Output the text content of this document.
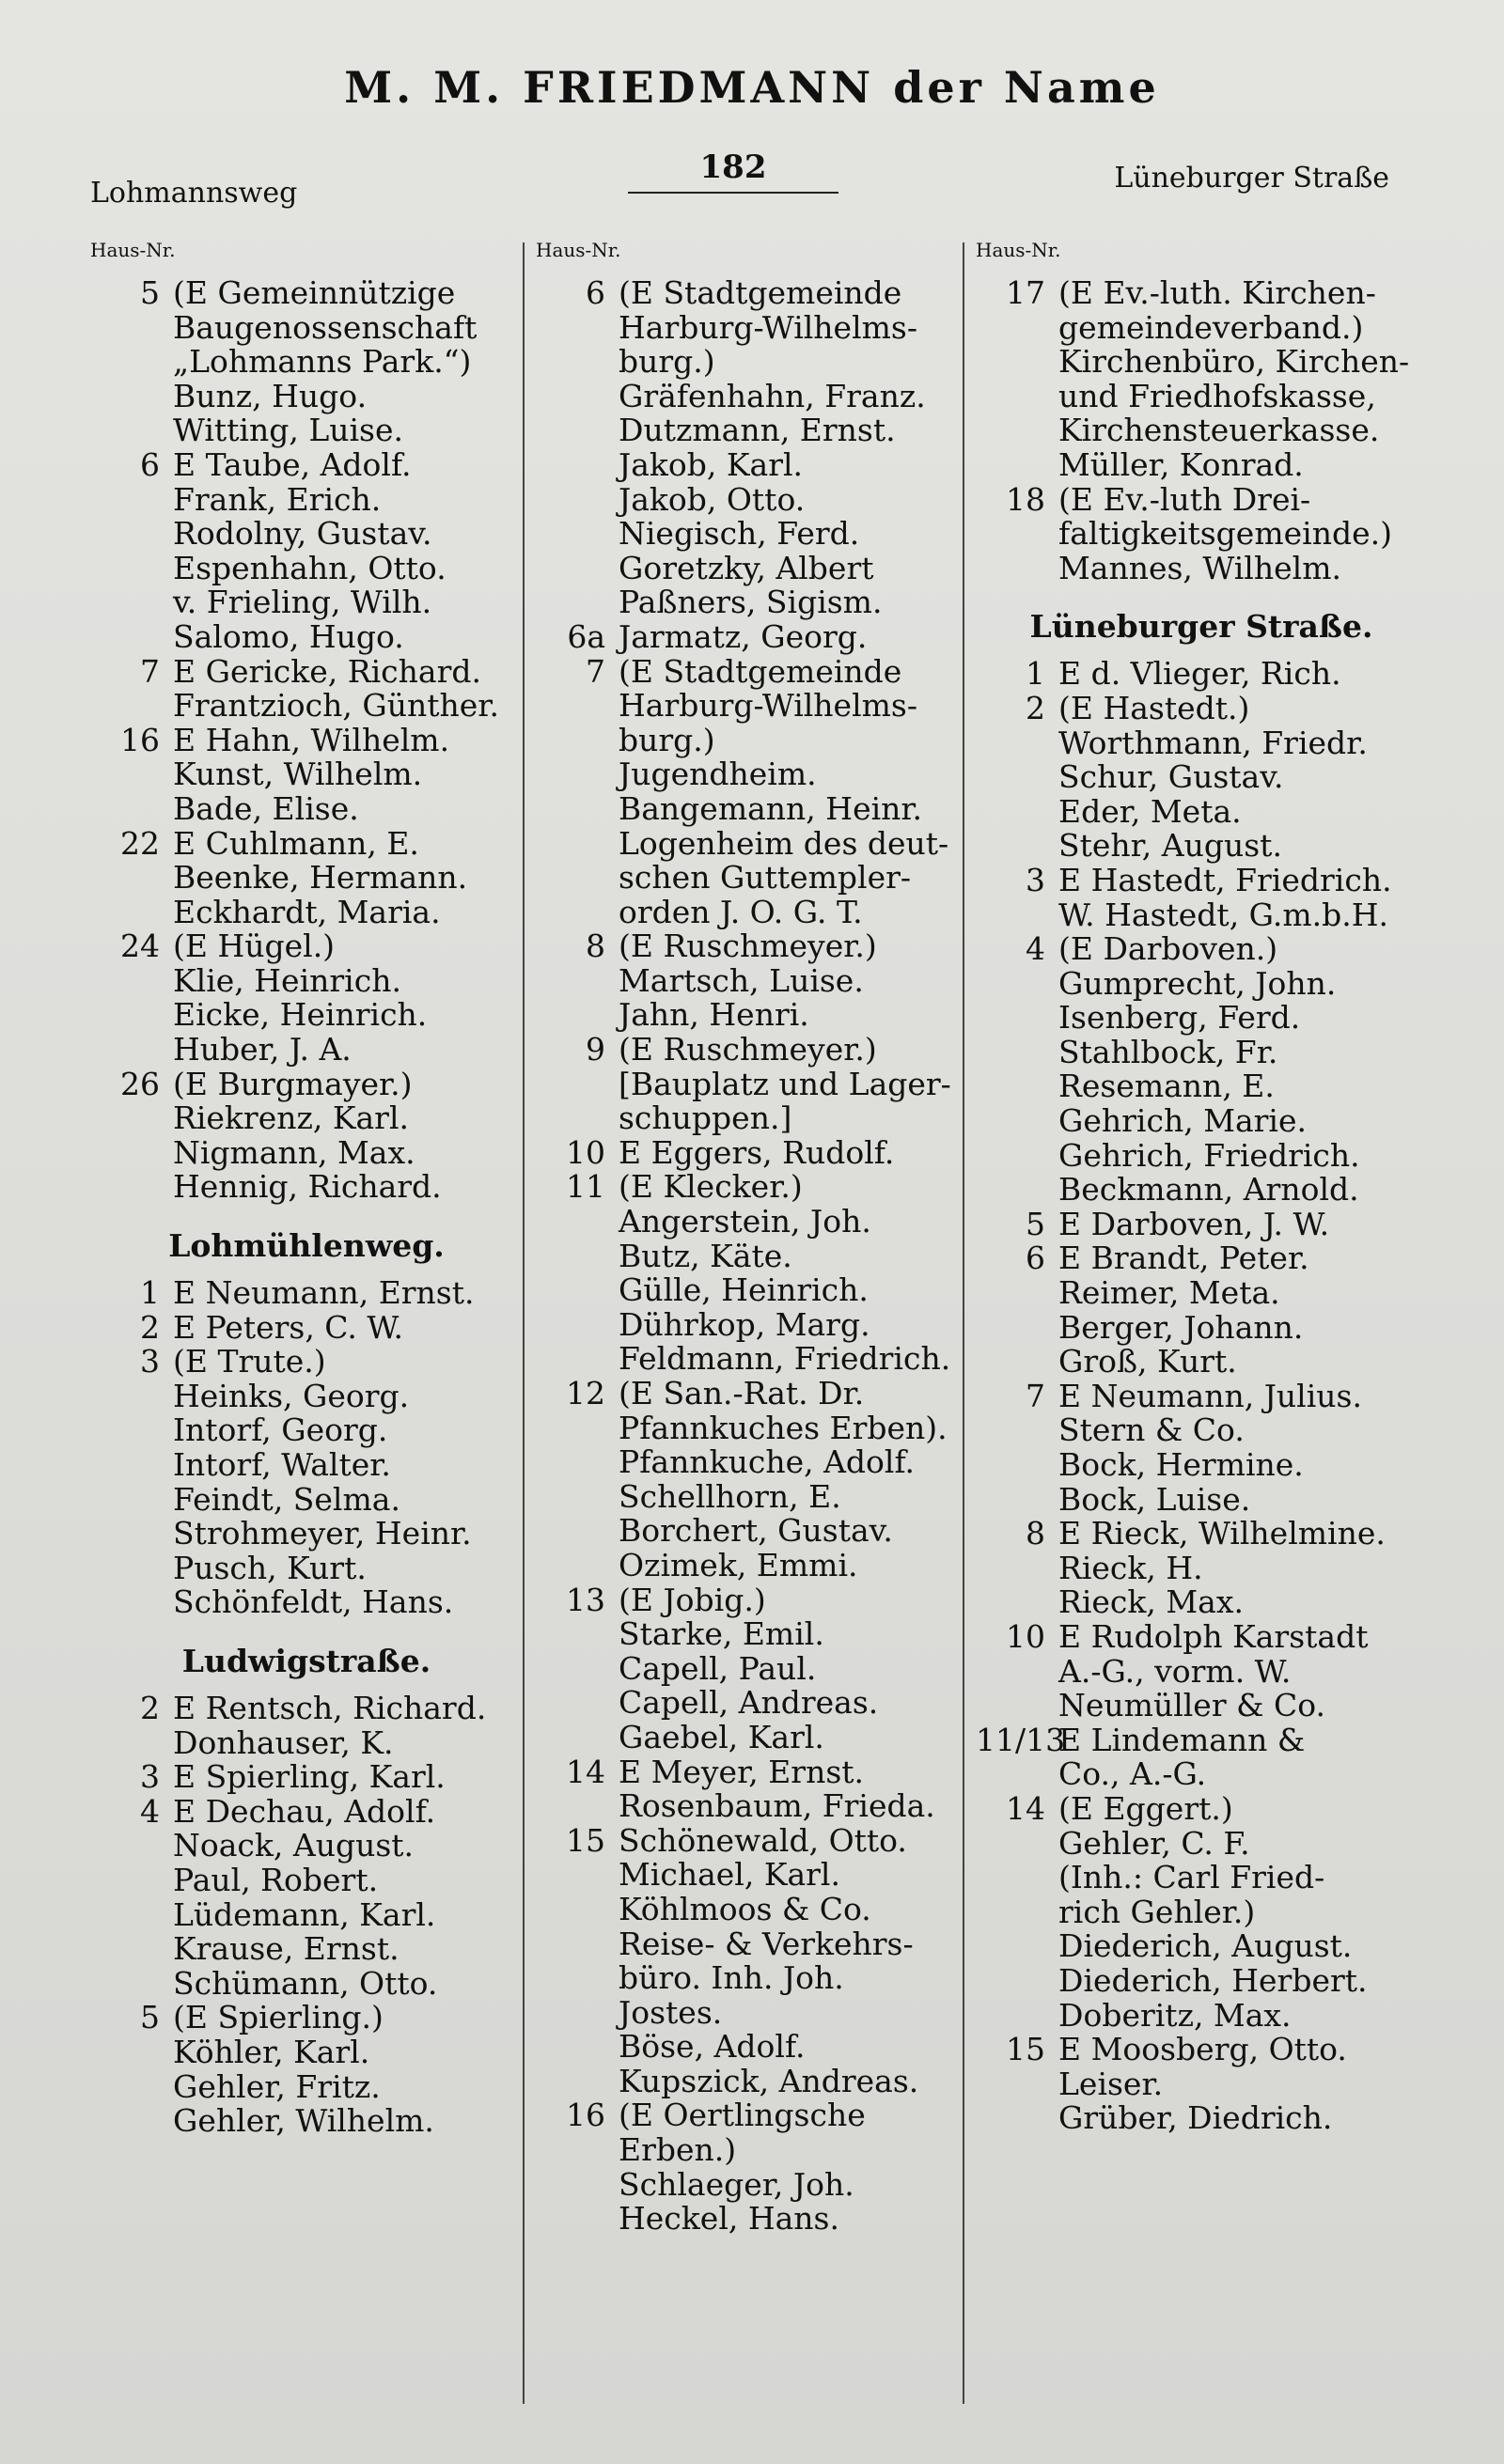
M. M. FRIEDMANN der Name
Lohmannsweg
182	Lüneburger Straße
Haus-Nr.
5 (E Gemeinnützige
Baugenossenschaft
„Lohmanns Park.“)
Bunz, Hugo.
Witting, Luise.
6 E Taube, Adolf.
Frank, Erich.
Rodolny, Gustav.
Espenhahn, Otto.
v. Frieling, Wilh.
Salomo, Hugo.
7 E Gericke, Richard.
Frantzioch, Günther.
16 E Hahn, Wilhelm.
Kunst, Wilhelm.
Bade, Elise.
22 E Cuhlmann, E.
Beenke, Hermann.
Eckhardt, Maria.
24 (E Hügel.)
Klie, Heinrich.
Eicke, Heinrich.
Huber, J. A.
26 (E Burgmayer.)
Riekrenz, Karl.
Nigmann, Max.
Hennig, Richard.
Lohmühlenweg.
1 E Neumann, Ernst.
2 E Peters, C. W.
3 (E Trute.)
Heinks, Georg.
Intorf, Georg.
Intorf, Walter.
Feindt, Selma.
Strohmeyer, Heinr.
Pusch, Kurt.
Schönfeldt, Hans.
Ludwigstraße.
2 E Rentsch, Richard.
Donhauser, K.
3 E Spierling, Karl.
4 E Dechau, Adolf.
Noack, August.
Paul, Robert.
Lüdemann, Karl.
Krause, Ernst.
Schümann, Otto.
5 (E Spierling.)
Köhler, Karl.
Gehler, Fritz.
Gehler, Wilhelm.
Haus-Nr.
6 (E Stadtgemeinde
Harburg-Wilhelms-
burg.)
Gräfenhahn, Franz.
Dutzmann, Ernst.
Jakob, Karl.
Jakob, Otto.
Niegisch, Ferd.
Goretzky, Albert
Paßners, Sigism.
6a Jarmatz, Georg.
7 (E Stadtgemeinde
Harburg-Wilhelms-
burg.)
Jugendheim.
Bangemann, Heinr.
Logenheim des deut-
schen Guttempler-
orden J. O. G. T.
8 (E Ruschmeyer.)
Martsch, Luise.
Jahn, Henri.
9 (E Ruschmeyer.)
[Bauplatz und Lager-
schuppen.]
10 E Eggers, Rudolf.
11 (E Klecker.)
Angerstein, Joh.
Butz, Käte.
Gülle, Heinrich.
Dührkop, Marg.
Feldmann, Friedrich.
12 (E San.-Rat. Dr.
Pfannkuches Erben).
Pfannkuche, Adolf.
Schellhorn, E.
Borchert, Gustav.
Ozimek, Emmi.
13 (E Jobig.)
Starke, Emil.
Capell, Paul.
Capell, Andreas.
Gaebel, Karl.
14 E Meyer, Ernst.
Rosenbaum, Frieda.
15 Schönewald, Otto.
Michael, Karl.
Köhlmoos & Co.
Reise- & Verkehrs-
büro. Inh. Joh.
Jostes.
Böse, Adolf.
Kupszick, Andreas.
16 (E Oertlingsche
Erben.)
Schlaeger, Joh.
Heckel, Hans.
Haus-Nr.
17 (E Ev.-luth. Kirchen-
gemeindeverband.)
Kirchenbüro, Kirchen-
und Friedhofskasse,
Kirchensteuerkasse.
Müller, Konrad.
18 (E Ev.-luth Drei-
faltigkeitsgemeinde.)
Mannes, Wilhelm.
Lüneburger Straße.
1 E d. Vlieger, Rich.
2 (E Hastedt.)
Worthmann, Friedr.
Schur, Gustav.
Eder, Meta.
Stehr, August.
3 E Hastedt, Friedrich.
W. Hastedt, G.m.b.H.
4 (E Darboven.)
Gumprecht, John.
Isenberg, Ferd.
Stahlbock, Fr.
Resemann, E.
Gehrich, Marie.
Gehrich, Friedrich.
Beckmann, Arnold.
5 E Darboven, J. W.
6 E Brandt, Peter.
Reimer, Meta.
Berger, Johann.
Groß, Kurt.
7 E Neumann, Julius.
Stern & Co.
Bock, Hermine.
Bock, Luise.
8 E Rieck, Wilhelmine.
Rieck, H.
Rieck, Max.
10 E Rudolph Karstadt
A.-G., vorm. W.
Neumüller & Co.
11/13
E Lindemann &
Co., A.-G.
14 (E Eggert.)
Gehler, C. F.
(Inh.: Carl Fried-
rich Gehler.)
Diederich, August.
Diederich, Herbert.
Doberitz, Max.
15 E Moosberg, Otto.
Leiser.
Grüber, Diedrich.
